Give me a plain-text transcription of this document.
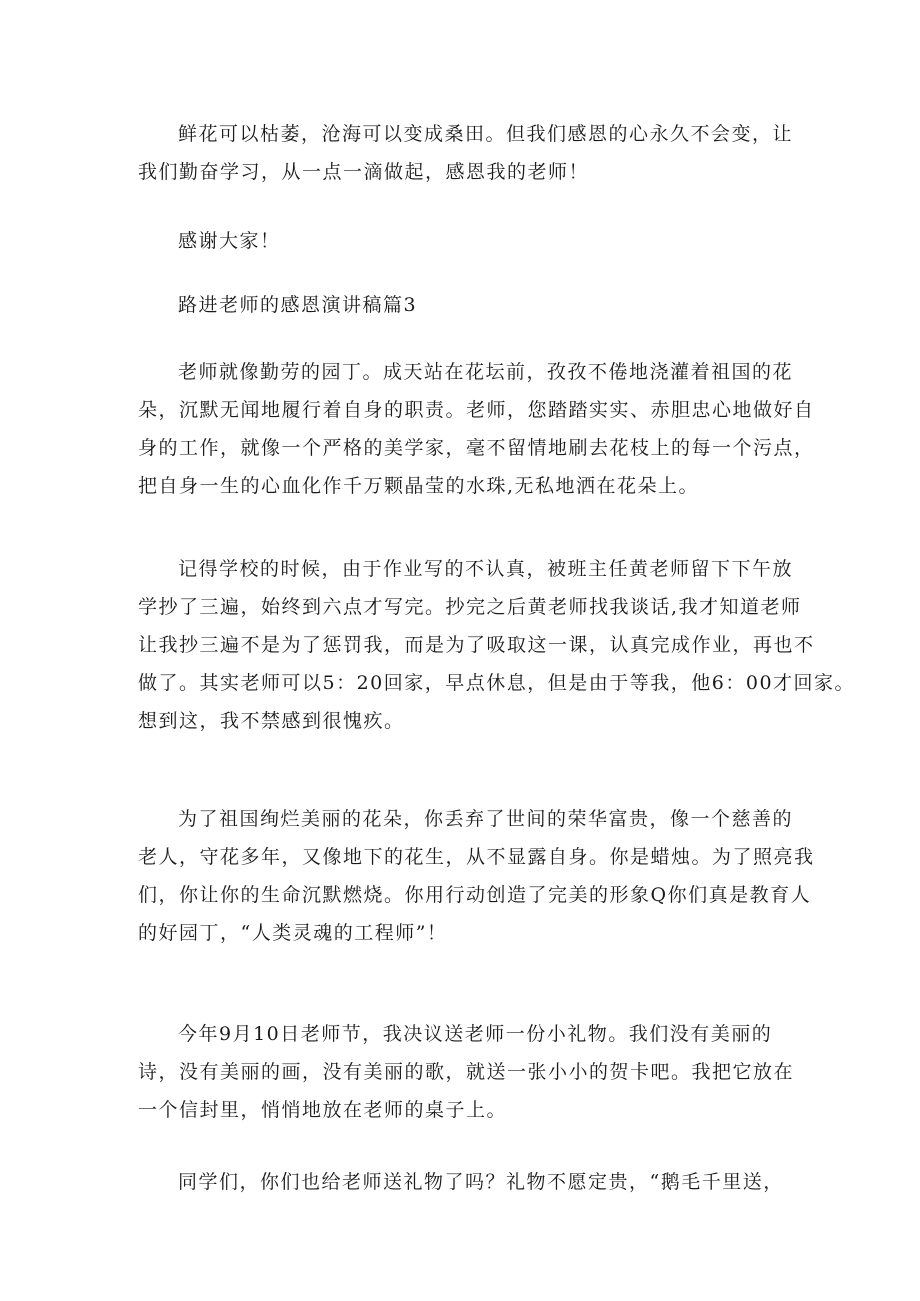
鲜花可以枯萎，沧海可以变成桑田。但我们感恩的心永久不会变，让
我们勤奋学习，从一点一滴做起，感恩我的老师！
感谢大家！
路进老师的感恩演讲稿篇3
老师就像勤劳的园丁。成天站在花坛前，孜孜不倦地浇灌着祖国的花
朵，沉默无闻地履行着自身的职责。老师，您踏踏实实、赤胆忠心地做好自
身的工作，就像一个严格的美学家，毫不留情地刷去花枝上的每一个污点，
把自身一生的心血化作千万颗晶莹的水珠,无私地洒在花朵上。
记得学校的时候，由于作业写的不认真，被班主任黄老师留下下午放
学抄了三遍，始终到六点才写完。抄完之后黄老师找我谈话,我才知道老师
让我抄三遍不是为了惩罚我，而是为了吸取这一课，认真完成作业，再也不
做了。其实老师可以5：20回家，早点休息，但是由于等我，他6：00才回家。
想到这，我不禁感到很愧疚。
为了祖国绚烂美丽的花朵，你丢弃了世间的荣华富贵，像一个慈善的
老人，守花多年，又像地下的花生，从不显露自身。你是蜡烛。为了照亮我
们，你让你的生命沉默燃烧。你用行动创造了完美的形象Q你们真是教育人
的好园丁，“人类灵魂的工程师”！
今年9月10日老师节，我决议送老师一份小礼物。我们没有美丽的
诗，没有美丽的画，没有美丽的歌，就送一张小小的贺卡吧。我把它放在
一个信封里，悄悄地放在老师的桌子上。
同学们，你们也给老师送礼物了吗？礼物不愿定贵，“鹅毛千里送，
